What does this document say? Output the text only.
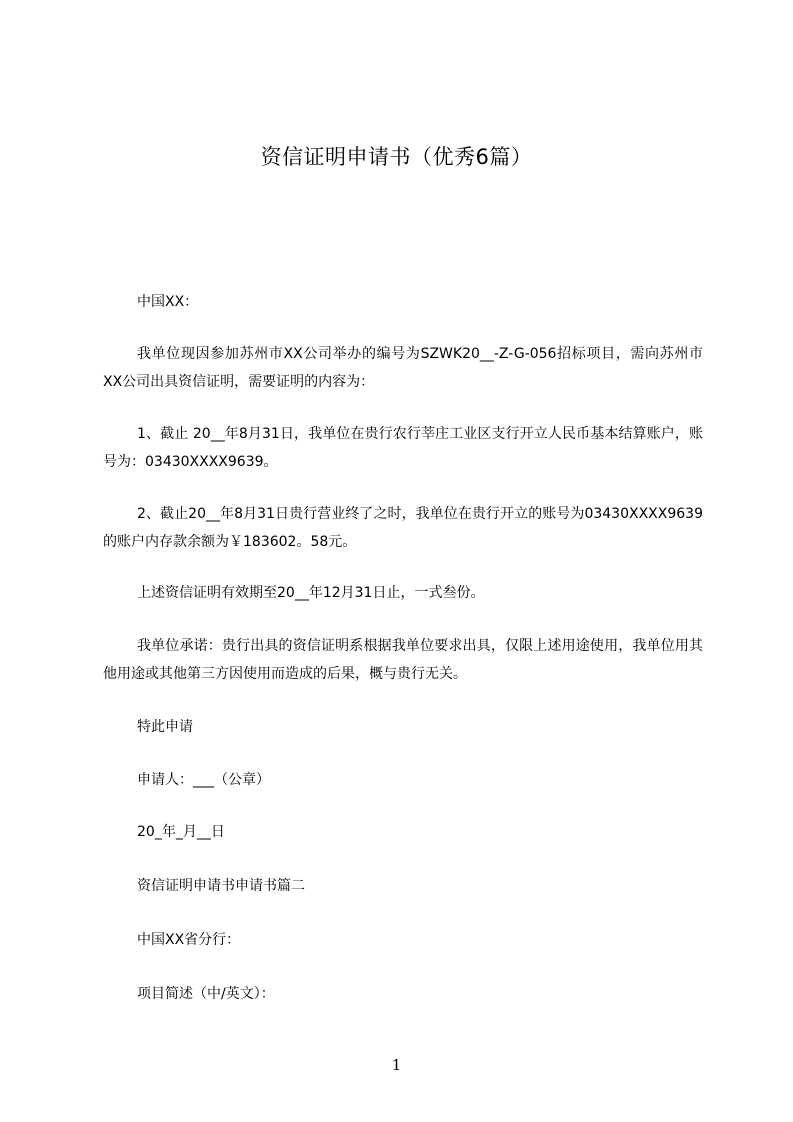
资信证明申请书（优秀6篇）
中国XX：
我单位现因参加苏州市XX公司举办的编号为SZWK20__-Z-G-056招标项目，需向苏州市XX公司出具资信证明，需要证明的内容为：
1、截止 20__年8月31日，我单位在贵行农行莘庄工业区支行开立人民币基本结算账户，账号为：03430XXXX9639。
2、截止20__年8月31日贵行营业终了之时，我单位在贵行开立的账号为03430XXXX9639的账户内存款余额为￥183602。58元。
上述资信证明有效期至20__年12月31日止，一式叁份。
我单位承诺：贵行出具的资信证明系根据我单位要求出具，仅限上述用途使用，我单位用其他用途或其他第三方因使用而造成的后果，概与贵行无关。
特此申请
申请人：___（公章）
20_年_月__日
资信证明申请书申请书篇二
中国XX省分行：
项目简述（中/英文）：
1
